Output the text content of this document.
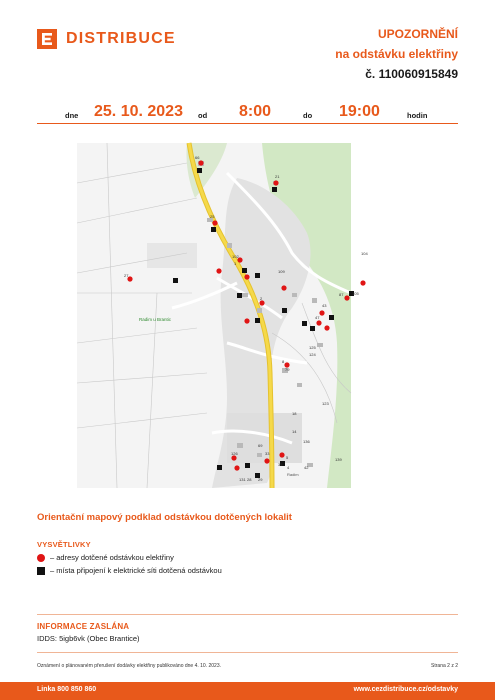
DISTRIBUCE	UPOZORNĚNÍ
na odstávku elektřiny
č. 110060915849
dne 25. 10. 2023 od 8:00	do 19:00	hodin
Radim u Brantic
Radim
66
21
25
102
104
105
1
27
109
43
47
87
2
125
124
123
8
79
29
28
131
126
69
33
18
14
136
139
5
4	42
35
Orientační mapový podklad odstávkou dotčených lokalit
VYSVĚTLIVKY
– adresy dotčené odstávkou elektřiny
– místa připojení k elektrické síti dotčená odstávkou
INFORMACE ZASLÁNA
IDDS: 5igb6vk (Obec Brantice)
Oznámení o plánovaném přerušení dodávky elektřiny publikováno dne 4. 10. 2023.	Strana 2 z 2
Linka 800 850 860	www.cezdistribuce.cz/odstavky
